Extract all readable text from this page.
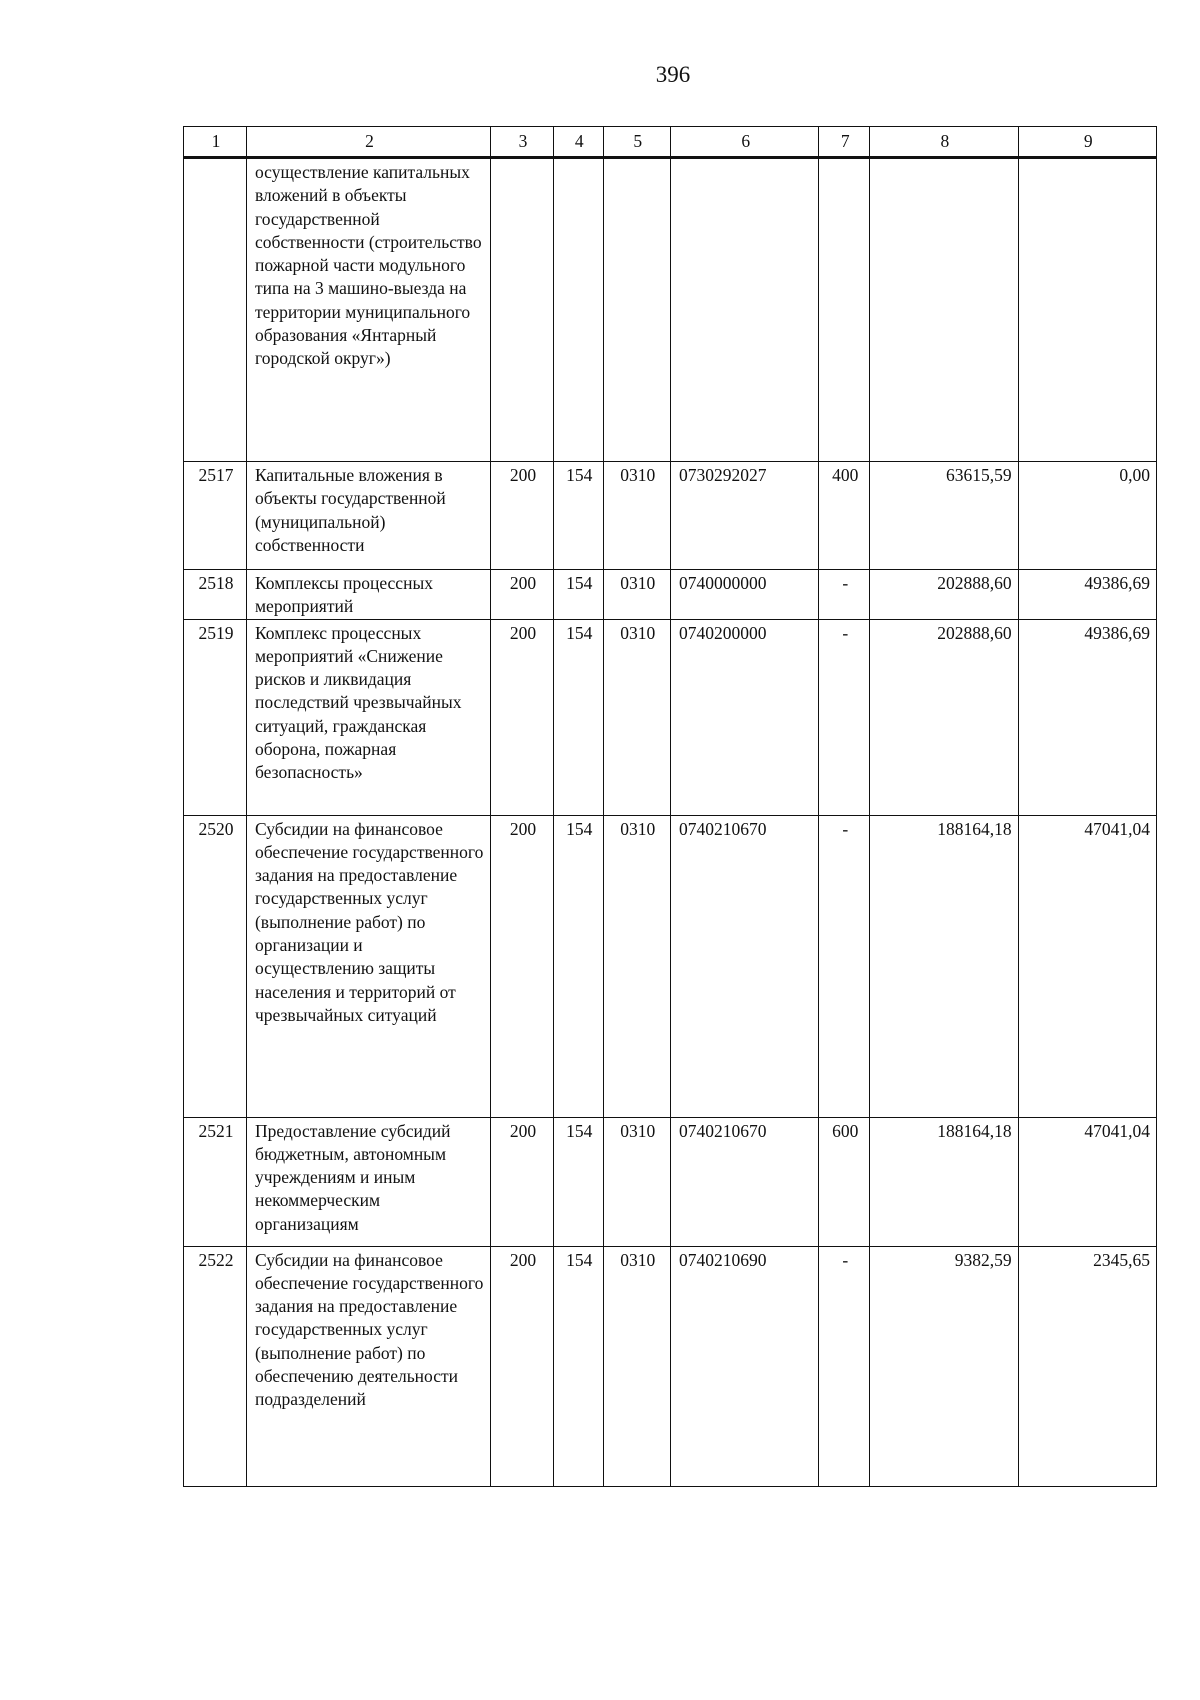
396
1	2	3	4	5	6	7	8	9
	осуществление капитальных вложений в объекты государственной собственности (строительство пожарной части модульного типа на 3 машино-выезда на территории муниципального образования «Янтарный городской округ»)							
2517	Капитальные вложения в объекты государственной (муниципальной) собственности	200	154	0310	0730292027	400	63615,59	0,00
2518	Комплексы процессных мероприятий	200	154	0310	0740000000	-	202888,60	49386,69
2519	Комплекс процессных мероприятий «Снижение рисков и ликвидация последствий чрезвычайных ситуаций, гражданская оборона, пожарная безопасность»	200	154	0310	0740200000	-	202888,60	49386,69
2520	Субсидии на финансовое обеспечение государственного задания на предоставление государственных услуг (выполнение работ) по организации и осуществлению защиты населения и территорий от чрезвычайных ситуаций	200	154	0310	0740210670	-	188164,18	47041,04
2521	Предоставление субсидий бюджетным, автономным учреждениям и иным некоммерческим организациям	200	154	0310	0740210670	600	188164,18	47041,04
2522	Субсидии на финансовое обеспечение государственного задания на предоставление государственных услуг (выполнение работ) по обеспечению деятельности подразделений	200	154	0310	0740210690	-	9382,59	2345,65
